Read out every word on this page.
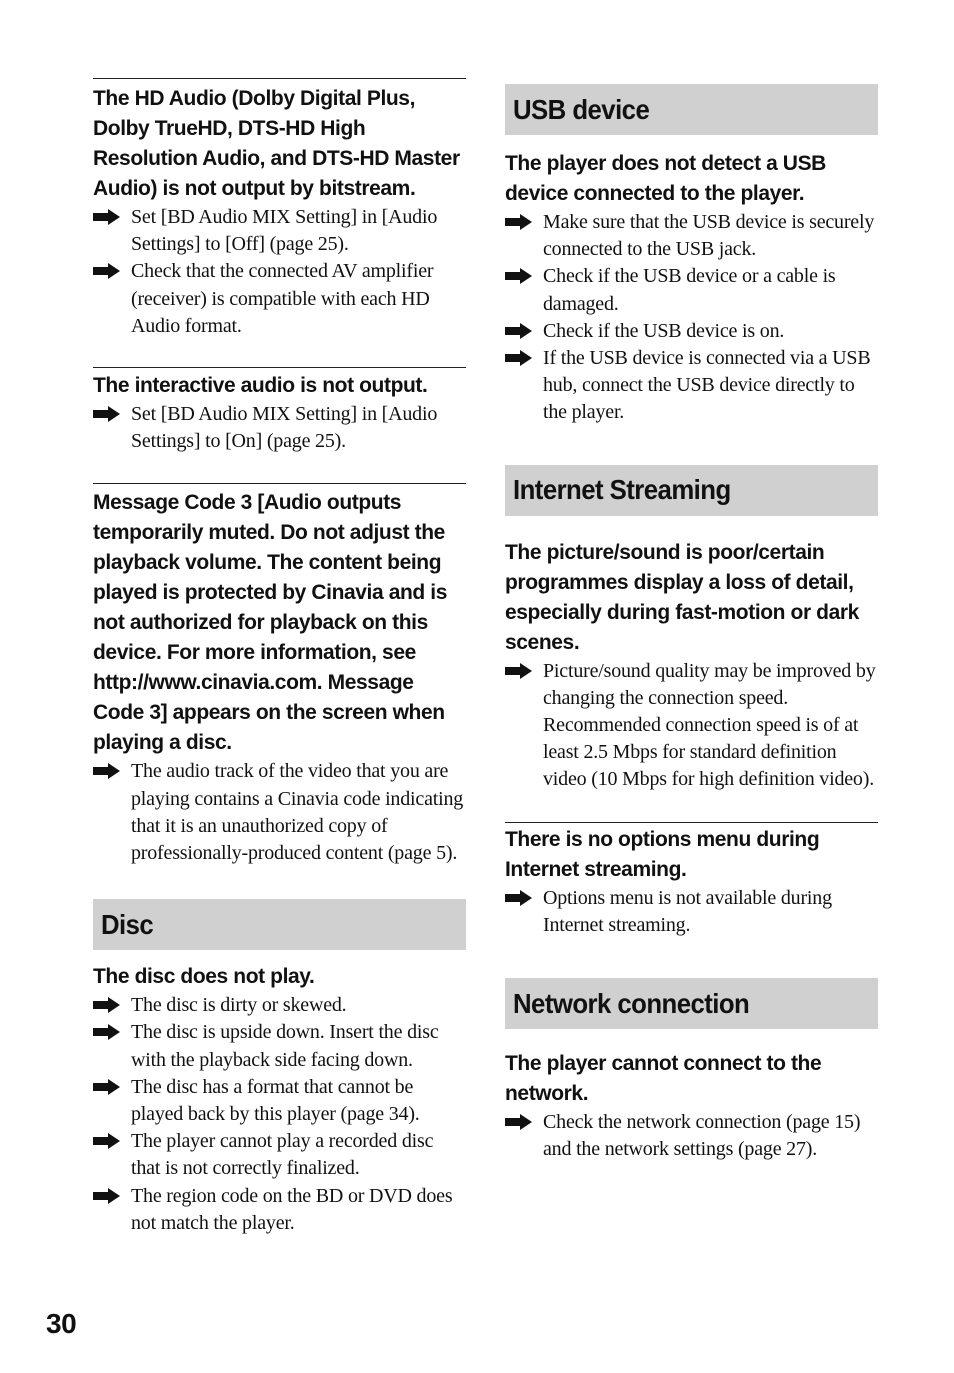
The HD Audio (Dolby Digital Plus, Dolby TrueHD, DTS-HD High Resolution Audio, and DTS-HD Master Audio) is not output by bitstream.
Set [BD Audio MIX Setting] in [Audio Settings] to [Off] (page 25).
Check that the connected AV amplifier (receiver) is compatible with each HD Audio format.
The interactive audio is not output.
Set [BD Audio MIX Setting] in [Audio Settings] to [On] (page 25).
Message Code 3 [Audio outputs temporarily muted. Do not adjust the playback volume. The content being played is protected by Cinavia and is not authorized for playback on this device. For more information, see http://www.cinavia.com. Message Code 3] appears on the screen when playing a disc.
The audio track of the video that you are playing contains a Cinavia code indicating that it is an unauthorized copy of professionally-produced content (page 5).
Disc
The disc does not play.
The disc is dirty or skewed.
The disc is upside down. Insert the disc with the playback side facing down.
The disc has a format that cannot be played back by this player (page 34).
The player cannot play a recorded disc that is not correctly finalized.
The region code on the BD or DVD does not match the player.
USB device
The player does not detect a USB device connected to the player.
Make sure that the USB device is securely connected to the USB jack.
Check if the USB device or a cable is damaged.
Check if the USB device is on.
If the USB device is connected via a USB hub, connect the USB device directly to the player.
Internet Streaming
The picture/sound is poor/certain programmes display a loss of detail, especially during fast-motion or dark scenes.
Picture/sound quality may be improved by changing the connection speed. Recommended connection speed is of at least 2.5 Mbps for standard definition video (10 Mbps for high definition video).
There is no options menu during Internet streaming.
Options menu is not available during Internet streaming.
Network connection
The player cannot connect to the network.
Check the network connection (page 15) and the network settings (page 27).
30
